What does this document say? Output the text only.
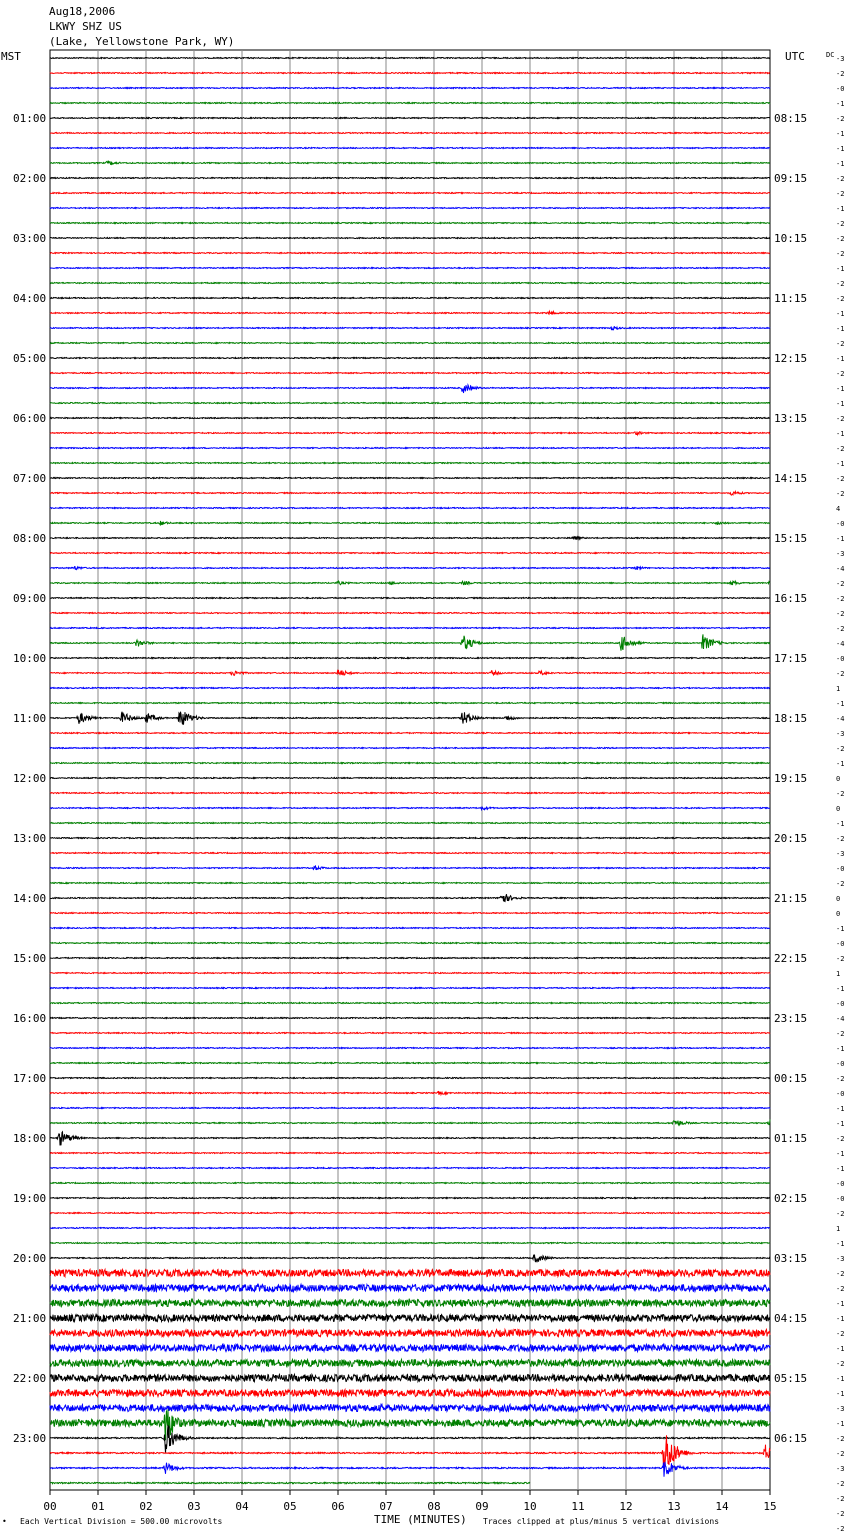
Aug18,2006
LKWY SHZ US
(Lake, Yellowstone Park, WY)
MST	UTC	DC
01:00
02:00
03:00
04:00
05:00
06:00
07:00
08:00
09:00
10:00
11:00
12:00
13:00
14:00
15:00
16:00
17:00
18:00
19:00
20:00
21:00
22:00
23:00
08:15
09:15
10:15
11:15
12:15
13:15
14:15
15:15
16:15
17:15
18:15
19:15
20:15
21:15
22:15
23:15
00:15
01:15
02:15
03:15
04:15
05:15
06:15
-3
-2
-0
-1
-2
-1
-1
-1
-2
-2
-1
-2
-2
-2
-1
-2
-2
-1
-1
-2
-1
-2
-1
-1
-2
-1
-2
-1
-2
-2
4
-0
-1
-3
-4
-2
-2
-2
-2
-4
-0
-2
1
-1
-4
-3
-2
-1
0
-2
0
-1
-2
-3
-0
-2
0
0
-1
-0
-2
1
-1
-0
-4
-2
-1
-0
-2
-0
-1
-1
-2
-1
-1
-0
-0
-2
1
-1
-3
-2
-2
-1
-1
-2
-1
-2
-1
-1
-3
-1
-2
-2
-3
-2
-2
-2
-2
00	01	02	03	04	05	06	07	08	09	10	11	12	13	14	15
• Each Vertical Division = 500.00 microvolts	TIME (MINUTES) Traces clipped at plus/minus 5 vertical divisions
